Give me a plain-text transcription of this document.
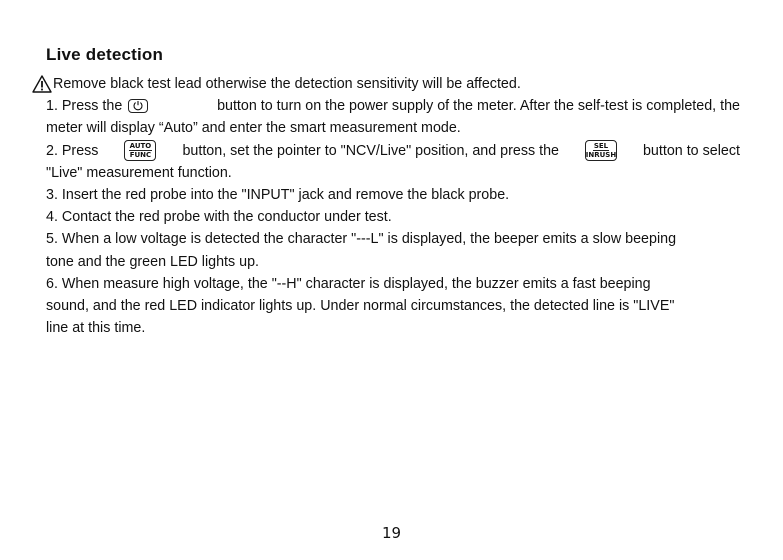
Live detection
Remove black test lead otherwise the detection sensitivity will be affected.
1. Press the	button to turn on the power supply of the meter. After the self-test is completed, the
meter will display “Auto” and enter the smart measurement mode.
2. Press	AUTO
FUNC button, set the pointer to "NCV/Live" position, and press the	SEL
INRUSH button to select
"Live" measurement function.
3. Insert the red probe into the "INPUT" jack and remove the black probe.
4. Contact the red probe with the conductor under test.
5. When a low voltage is detected the character "---L" is displayed, the beeper emits a slow beeping
tone and the green LED lights up.
6. When measure high voltage, the "--H" character is displayed, the buzzer emits a fast beeping
sound, and the red LED indicator lights up. Under normal circumstances, the detected line is "LIVE"
line at this time.
19
